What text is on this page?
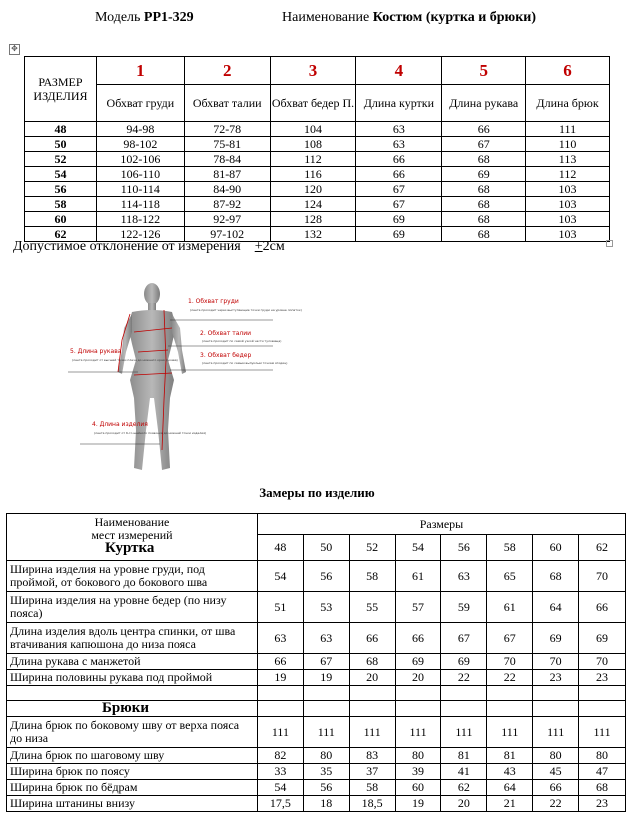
Модель РР1-329	Наименование Костюм (куртка и брюки)
✥
РАЗМЕР ИЗДЕЛИЯ	1	2	3	4	5	6
	Обхват груди	Обхват талии	Обхват бедер П.	Длина куртки	Длина рукава	Длина брюк
48	94-98	72-78	104	63	66	111
50	98-102	75-81	108	63	67	110
52	102-106	78-84	112	66	68	113
54	106-110	81-87	116	66	69	112
56	110-114	84-90	120	67	68	103
58	114-118	87-92	124	67	68	103
60	118-122	92-97	128	69	68	103
62	122-126	97-102	132	69	68	103
Допустимое отклонение от измерения +2см
1. Обхват груди
2. Обхват талии
3. Обхват бедер
4. Длина изделия
5. Длина рукава
(лента проходит через выступающие точки груди на уровне лопаток)
(лента проходит по самой узкой части туловища)
(лента проходит по самым выпуклым точкам ягодиц)
(лента проходит от 6-го шейного позвонка до нижней точки изделия)
(лента проходит от высшей точки плеча до нижнего края рукава)
Замеры по изделию
Наименование мест измерений
Куртка	Размеры							
	48	50	52	54	56	58	60	62
Ширина изделия на уровне груди, под проймой, от бокового до бокового шва	54	56	58	61	63	65	68	70
Ширина изделия на уровне бедер (по низу пояса)	51	53	55	57	59	61	64	66
Длина изделия вдоль центра спинки, от шва втачивания капюшона до низа пояса	63	63	66	66	67	67	69	69
Длина рукава с манжетой	66	67	68	69	69	70	70	70
Ширина половины рукава под проймой	19	19	20	20	22	22	23	23

Брюки								
Длина брюк по боковому шву от верха пояса до низа	111	111	111	111	111	111	111	111
Длина брюк по шаговому шву	82	80	83	80	81	81	80	80
Ширина брюк по поясу	33	35	37	39	41	43	45	47
Ширина брюк по бёдрам	54	56	58	60	62	64	66	68
Ширина штанины внизу	17,5	18	18,5	19	20	21	22	23
